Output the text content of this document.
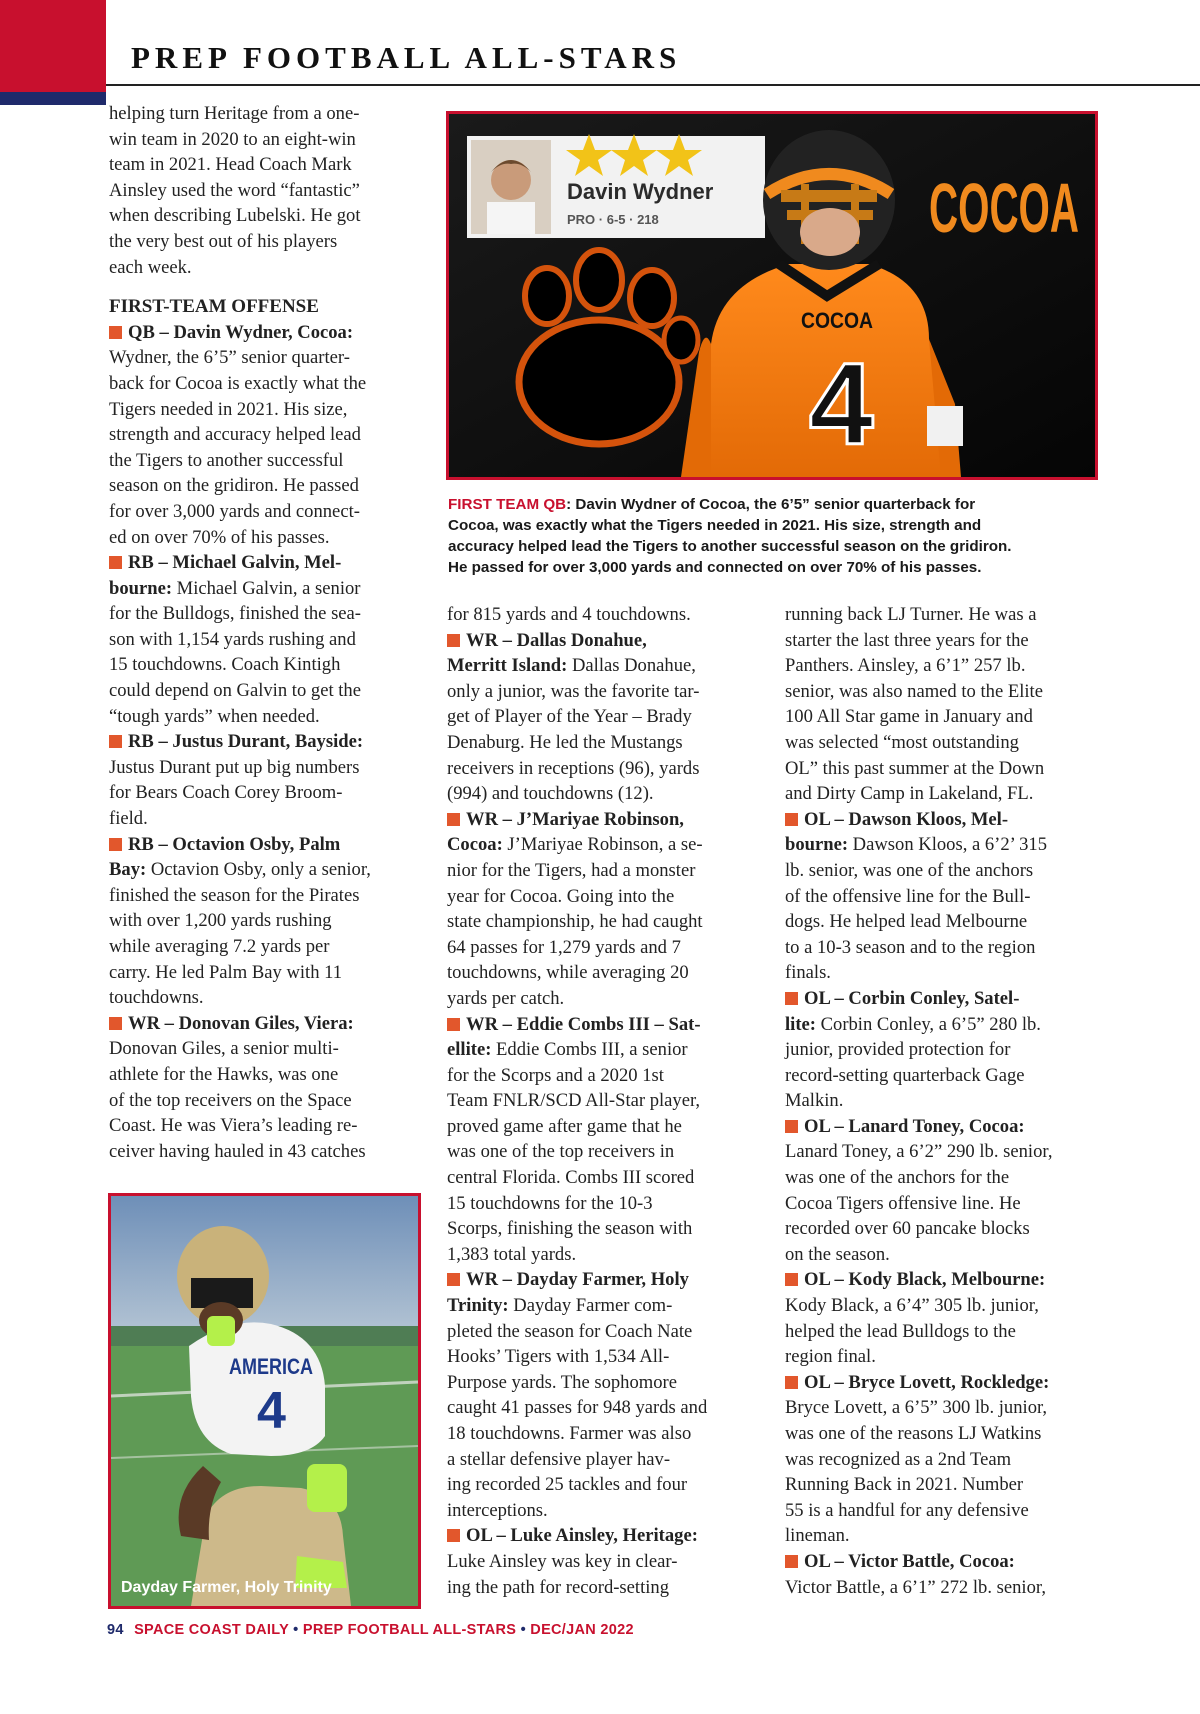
PREP FOOTBALL ALL-STARS
helping turn Heritage from a one-
win team in 2020 to an eight-win
team in 2021. Head Coach Mark
Ainsley used the word “fantastic”
when describing Lubelski. He got
the very best out of his players
each week.
FIRST-TEAM OFFENSE
QB – Davin Wydner, Cocoa:
Wydner, the 6’5” senior quarter-
back for Cocoa is exactly what the
Tigers needed in 2021. His size,
strength and accuracy helped lead
the Tigers to another successful
season on the gridiron. He passed
for over 3,000 yards and connect-
ed on over 70% of his passes.
RB – Michael Galvin, Mel-
bourne: Michael Galvin, a senior
for the Bulldogs, finished the sea-
son with 1,154 yards rushing and
15 touchdowns. Coach Kintigh
could depend on Galvin to get the
“tough yards” when needed.
RB – Justus Durant, Bayside:
Justus Durant put up big numbers
for Bears Coach Corey Broom-
field.
RB – Octavion Osby, Palm
Bay: Octavion Osby, only a senior,
finished the season for the Pirates
with over 1,200 yards rushing
while averaging 7.2 yards per
carry. He led Palm Bay with 11
touchdowns.
WR – Donovan Giles, Viera:
Donovan Giles, a senior multi-
athlete for the Hawks, was one
of the top receivers on the Space
Coast. He was Viera’s leading re-
ceiver having hauled in 43 catches
Davin Wydner
PRO · 6-5 · 218	COCOA
COCOA
4
FIRST TEAM QB: Davin Wydner of Cocoa, the 6’5” senior quarterback for
Cocoa, was exactly what the Tigers needed in 2021. His size, strength and
accuracy helped lead the Tigers to another successful season on the gridiron.
He passed for over 3,000 yards and connected on over 70% of his passes.
for 815 yards and 4 touchdowns.
WR – Dallas Donahue,
Merritt Island: Dallas Donahue,
only a junior, was the favorite tar-
get of Player of the Year – Brady
Denaburg. He led the Mustangs
receivers in receptions (96), yards
(994) and touchdowns (12).
WR – J’Mariyae Robinson,
Cocoa: J’Mariyae Robinson, a se-
nior for the Tigers, had a monster
year for Cocoa. Going into the
state championship, he had caught
64 passes for 1,279 yards and 7
touchdowns, while averaging 20
yards per catch.
WR – Eddie Combs III – Sat-
ellite: Eddie Combs III, a senior
for the Scorps and a 2020 1st
Team FNLR/SCD All-Star player,
proved game after game that he
was one of the top receivers in
central Florida. Combs III scored
15 touchdowns for the 10-3
Scorps, finishing the season with
1,383 total yards.
WR – Dayday Farmer, Holy
Trinity: Dayday Farmer com-
pleted the season for Coach Nate
Hooks’ Tigers with 1,534 All-
Purpose yards. The sophomore
caught 41 passes for 948 yards and
18 touchdowns. Farmer was also
a stellar defensive player hav-
ing recorded 25 tackles and four
interceptions.
OL – Luke Ainsley, Heritage:
Luke Ainsley was key in clear-
ing the path for record-setting
running back LJ Turner. He was a
starter the last three years for the
Panthers. Ainsley, a 6’1” 257 lb.
senior, was also named to the Elite
100 All Star game in January and
was selected “most outstanding
OL” this past summer at the Down
and Dirty Camp in Lakeland, FL.
OL – Dawson Kloos, Mel-
bourne: Dawson Kloos, a 6’2’ 315
lb. senior, was one of the anchors
of the offensive line for the Bull-
dogs. He helped lead Melbourne
to a 10-3 season and to the region
finals.
OL – Corbin Conley, Satel-
lite: Corbin Conley, a 6’5” 280 lb.
junior, provided protection for
record-setting quarterback Gage
Malkin.
OL – Lanard Toney, Cocoa:
Lanard Toney, a 6’2” 290 lb. senior,
was one of the anchors for the
Cocoa Tigers offensive line. He
recorded over 60 pancake blocks
on the season.
OL – Kody Black, Melbourne:
Kody Black, a 6’4” 305 lb. junior,
helped the lead Bulldogs to the
region final.
OL – Bryce Lovett, Rockledge:
Bryce Lovett, a 6’5” 300 lb. junior,
was one of the reasons LJ Watkins
was recognized as a 2nd Team
Running Back in 2021. Number
55 is a handful for any defensive
lineman.
OL – Victor Battle, Cocoa:
Victor Battle, a 6’1” 272 lb. senior,
AMERICA
4
Dayday Farmer, Holy Trinity
94 SPACE COAST DAILY • PREP FOOTBALL ALL-STARS • DEC/JAN 2022
